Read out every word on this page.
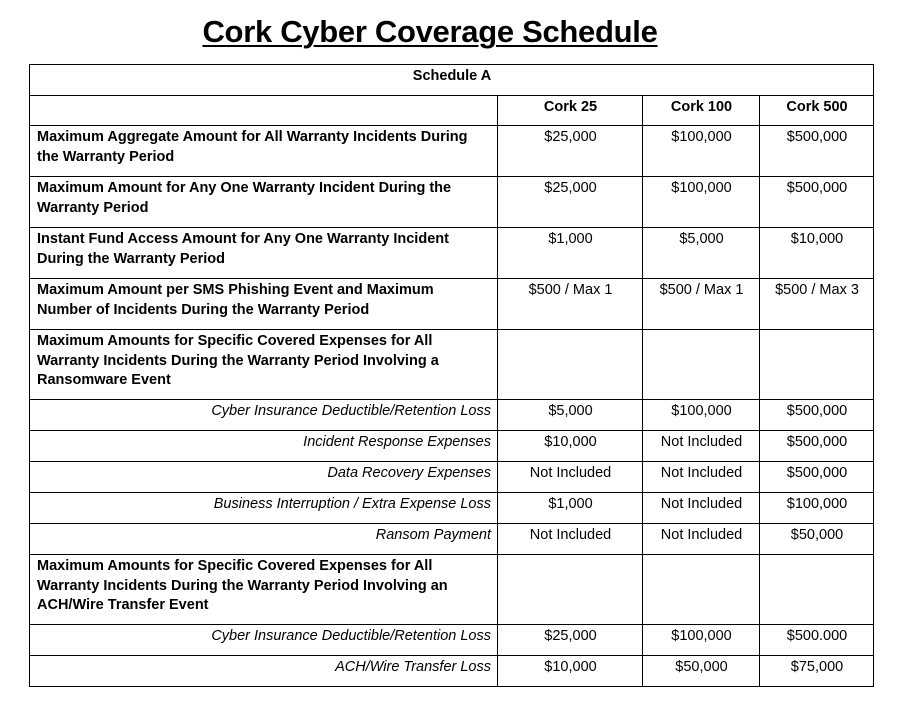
Cork Cyber Coverage Schedule
Schedule A			
	Cork 25	Cork 100	Cork 500
Maximum Aggregate Amount for All Warranty Incidents During the Warranty Period	$25,000	$100,000	$500,000
Maximum Amount for Any One Warranty Incident During the Warranty Period	$25,000	$100,000	$500,000
Instant Fund Access Amount for Any One Warranty Incident During the Warranty Period	$1,000	$5,000	$10,000
Maximum Amount per SMS Phishing Event and Maximum Number of Incidents During the Warranty Period	$500 / Max 1	$500 / Max 1	$500 / Max 3
Maximum Amounts for Specific Covered Expenses for All Warranty Incidents During the Warranty Period Involving a Ransomware Event			
Cyber Insurance Deductible/Retention Loss	$5,000	$100,000	$500,000
Incident Response Expenses	$10,000	Not Included	$500,000
Data Recovery Expenses	Not Included	Not Included	$500,000
Business Interruption / Extra Expense Loss	$1,000	Not Included	$100,000
Ransom Payment	Not Included	Not Included	$50,000
Maximum Amounts for Specific Covered Expenses for All Warranty Incidents During the Warranty Period Involving an ACH/Wire Transfer Event			
Cyber Insurance Deductible/Retention Loss	$25,000	$100,000	$500.000
ACH/Wire Transfer Loss	$10,000	$50,000	$75,000
